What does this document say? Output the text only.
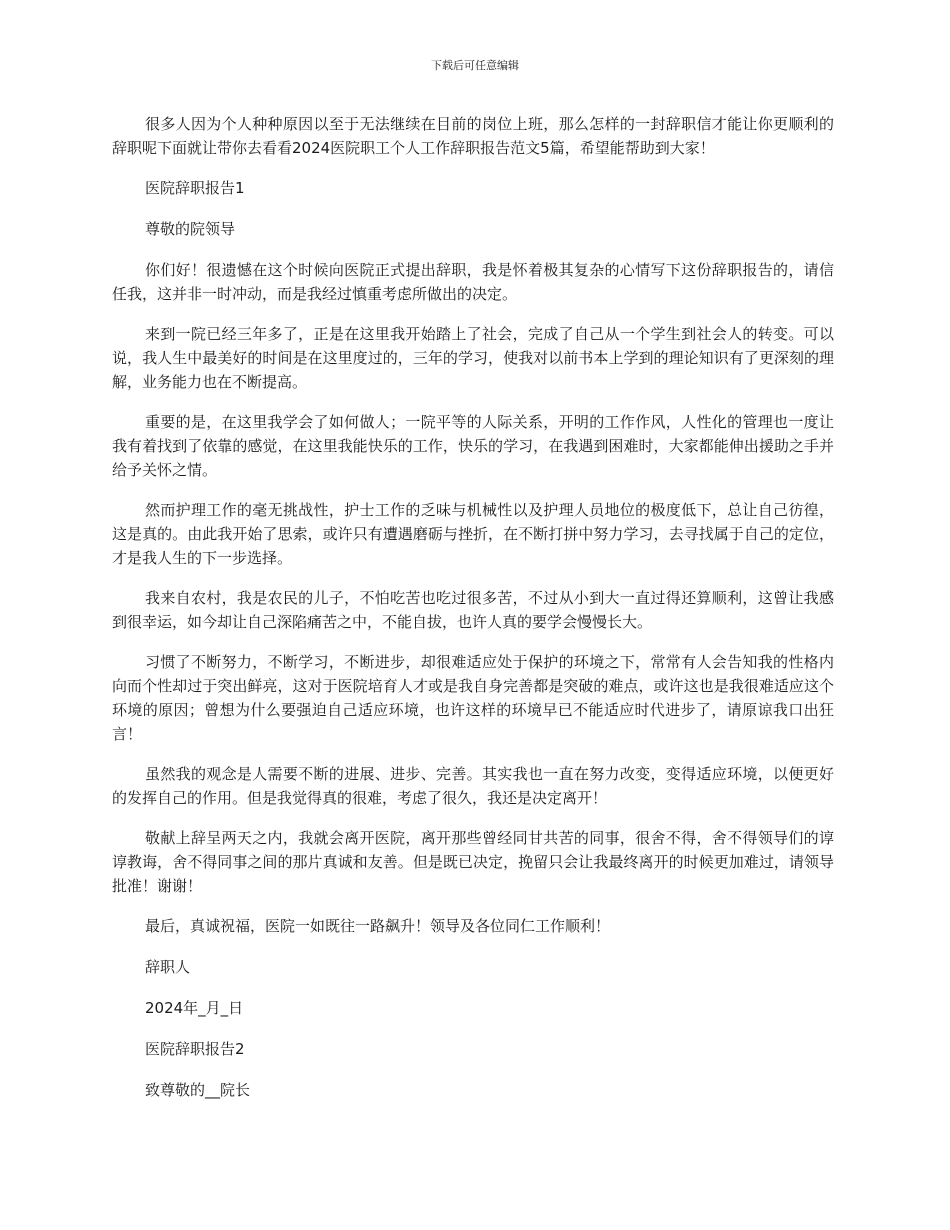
下载后可任意编辑

很多人因为个人种种原因以至于无法继续在目前的岗位上班，那么怎样的一封辞职信才能让你更顺利的辞职呢下面就让带你去看看2024医院职工个人工作辞职报告范文5篇，希望能帮助到大家！

医院辞职报告1

尊敬的院领导

你们好！很遗憾在这个时候向医院正式提出辞职，我是怀着极其复杂的心情写下这份辞职报告的，请信任我，这并非一时冲动，而是我经过慎重考虑所做出的决定。

来到一院已经三年多了，正是在这里我开始踏上了社会，完成了自己从一个学生到社会人的转变。可以说，我人生中最美好的时间是在这里度过的，三年的学习，使我对以前书本上学到的理论知识有了更深刻的理解，业务能力也在不断提高。

重要的是，在这里我学会了如何做人；一院平等的人际关系，开明的工作作风，人性化的管理也一度让我有着找到了依靠的感觉，在这里我能快乐的工作，快乐的学习，在我遇到困难时，大家都能伸出援助之手并给予关怀之情。

然而护理工作的毫无挑战性，护士工作的乏味与机械性以及护理人员地位的极度低下，总让自己彷徨，这是真的。由此我开始了思索，或许只有遭遇磨砺与挫折，在不断打拼中努力学习，去寻找属于自己的定位，才是我人生的下一步选择。

我来自农村，我是农民的儿子，不怕吃苦也吃过很多苦，不过从小到大一直过得还算顺利，这曾让我感到很幸运，如今却让自己深陷痛苦之中，不能自拔，也许人真的要学会慢慢长大。

习惯了不断努力，不断学习，不断进步，却很难适应处于保护的环境之下，常常有人会告知我的性格内向而个性却过于突出鲜亮，这对于医院培育人才或是我自身完善都是突破的难点，或许这也是我很难适应这个环境的原因；曾想为什么要强迫自己适应环境，也许这样的环境早已不能适应时代进步了，请原谅我口出狂言！

虽然我的观念是人需要不断的进展、进步、完善。其实我也一直在努力改变，变得适应环境，以便更好的发挥自己的作用。但是我觉得真的很难，考虑了很久，我还是决定离开！

敬献上辞呈两天之内，我就会离开医院，离开那些曾经同甘共苦的同事，很舍不得，舍不得领导们的谆谆教诲，舍不得同事之间的那片真诚和友善。但是既已决定，挽留只会让我最终离开的时候更加难过，请领导批准！谢谢！

最后，真诚祝福，医院一如既往一路飙升！领导及各位同仁工作顺利！

辞职人

2024年_月_日

医院辞职报告2

致尊敬的__院长
